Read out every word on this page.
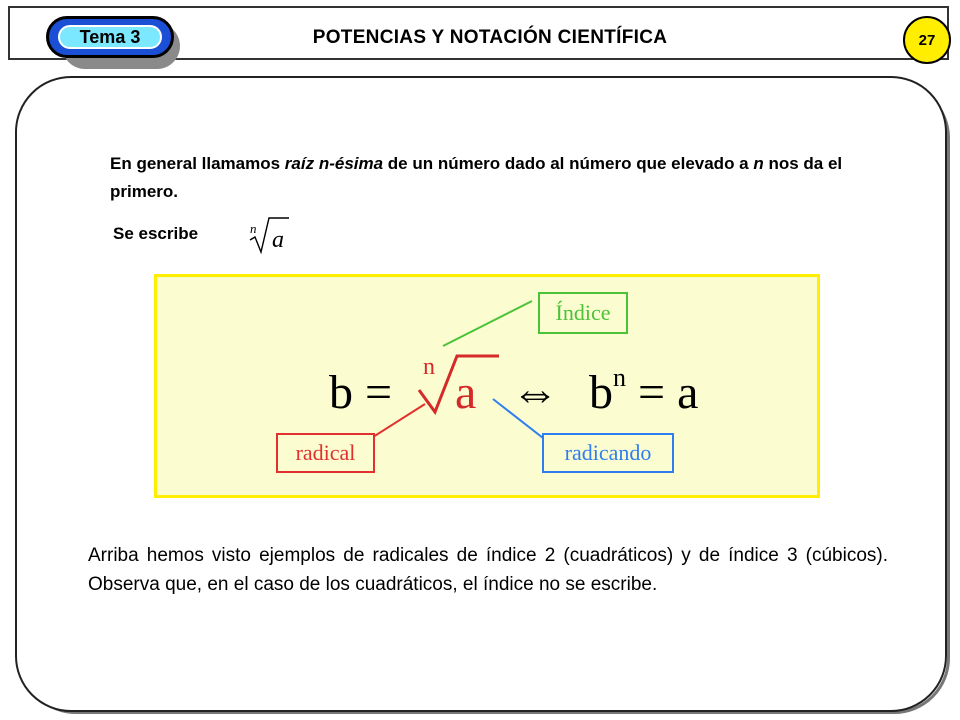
Tema 3	POTENCIAS Y NOTACIÓN CIENTÍFICA	27
En general llamamos raíz n-ésima de un número dado al número que elevado a n nos da el primero.
Se escribe	n a
b = n a ⇔ $b^n = a$
Índice
radical	radicando
Arriba hemos visto ejemplos de radicales de índice 2 (cuadráticos) y de índice 3 (cúbicos). Observa que, en el caso de los cuadráticos, el índice no se escribe.
